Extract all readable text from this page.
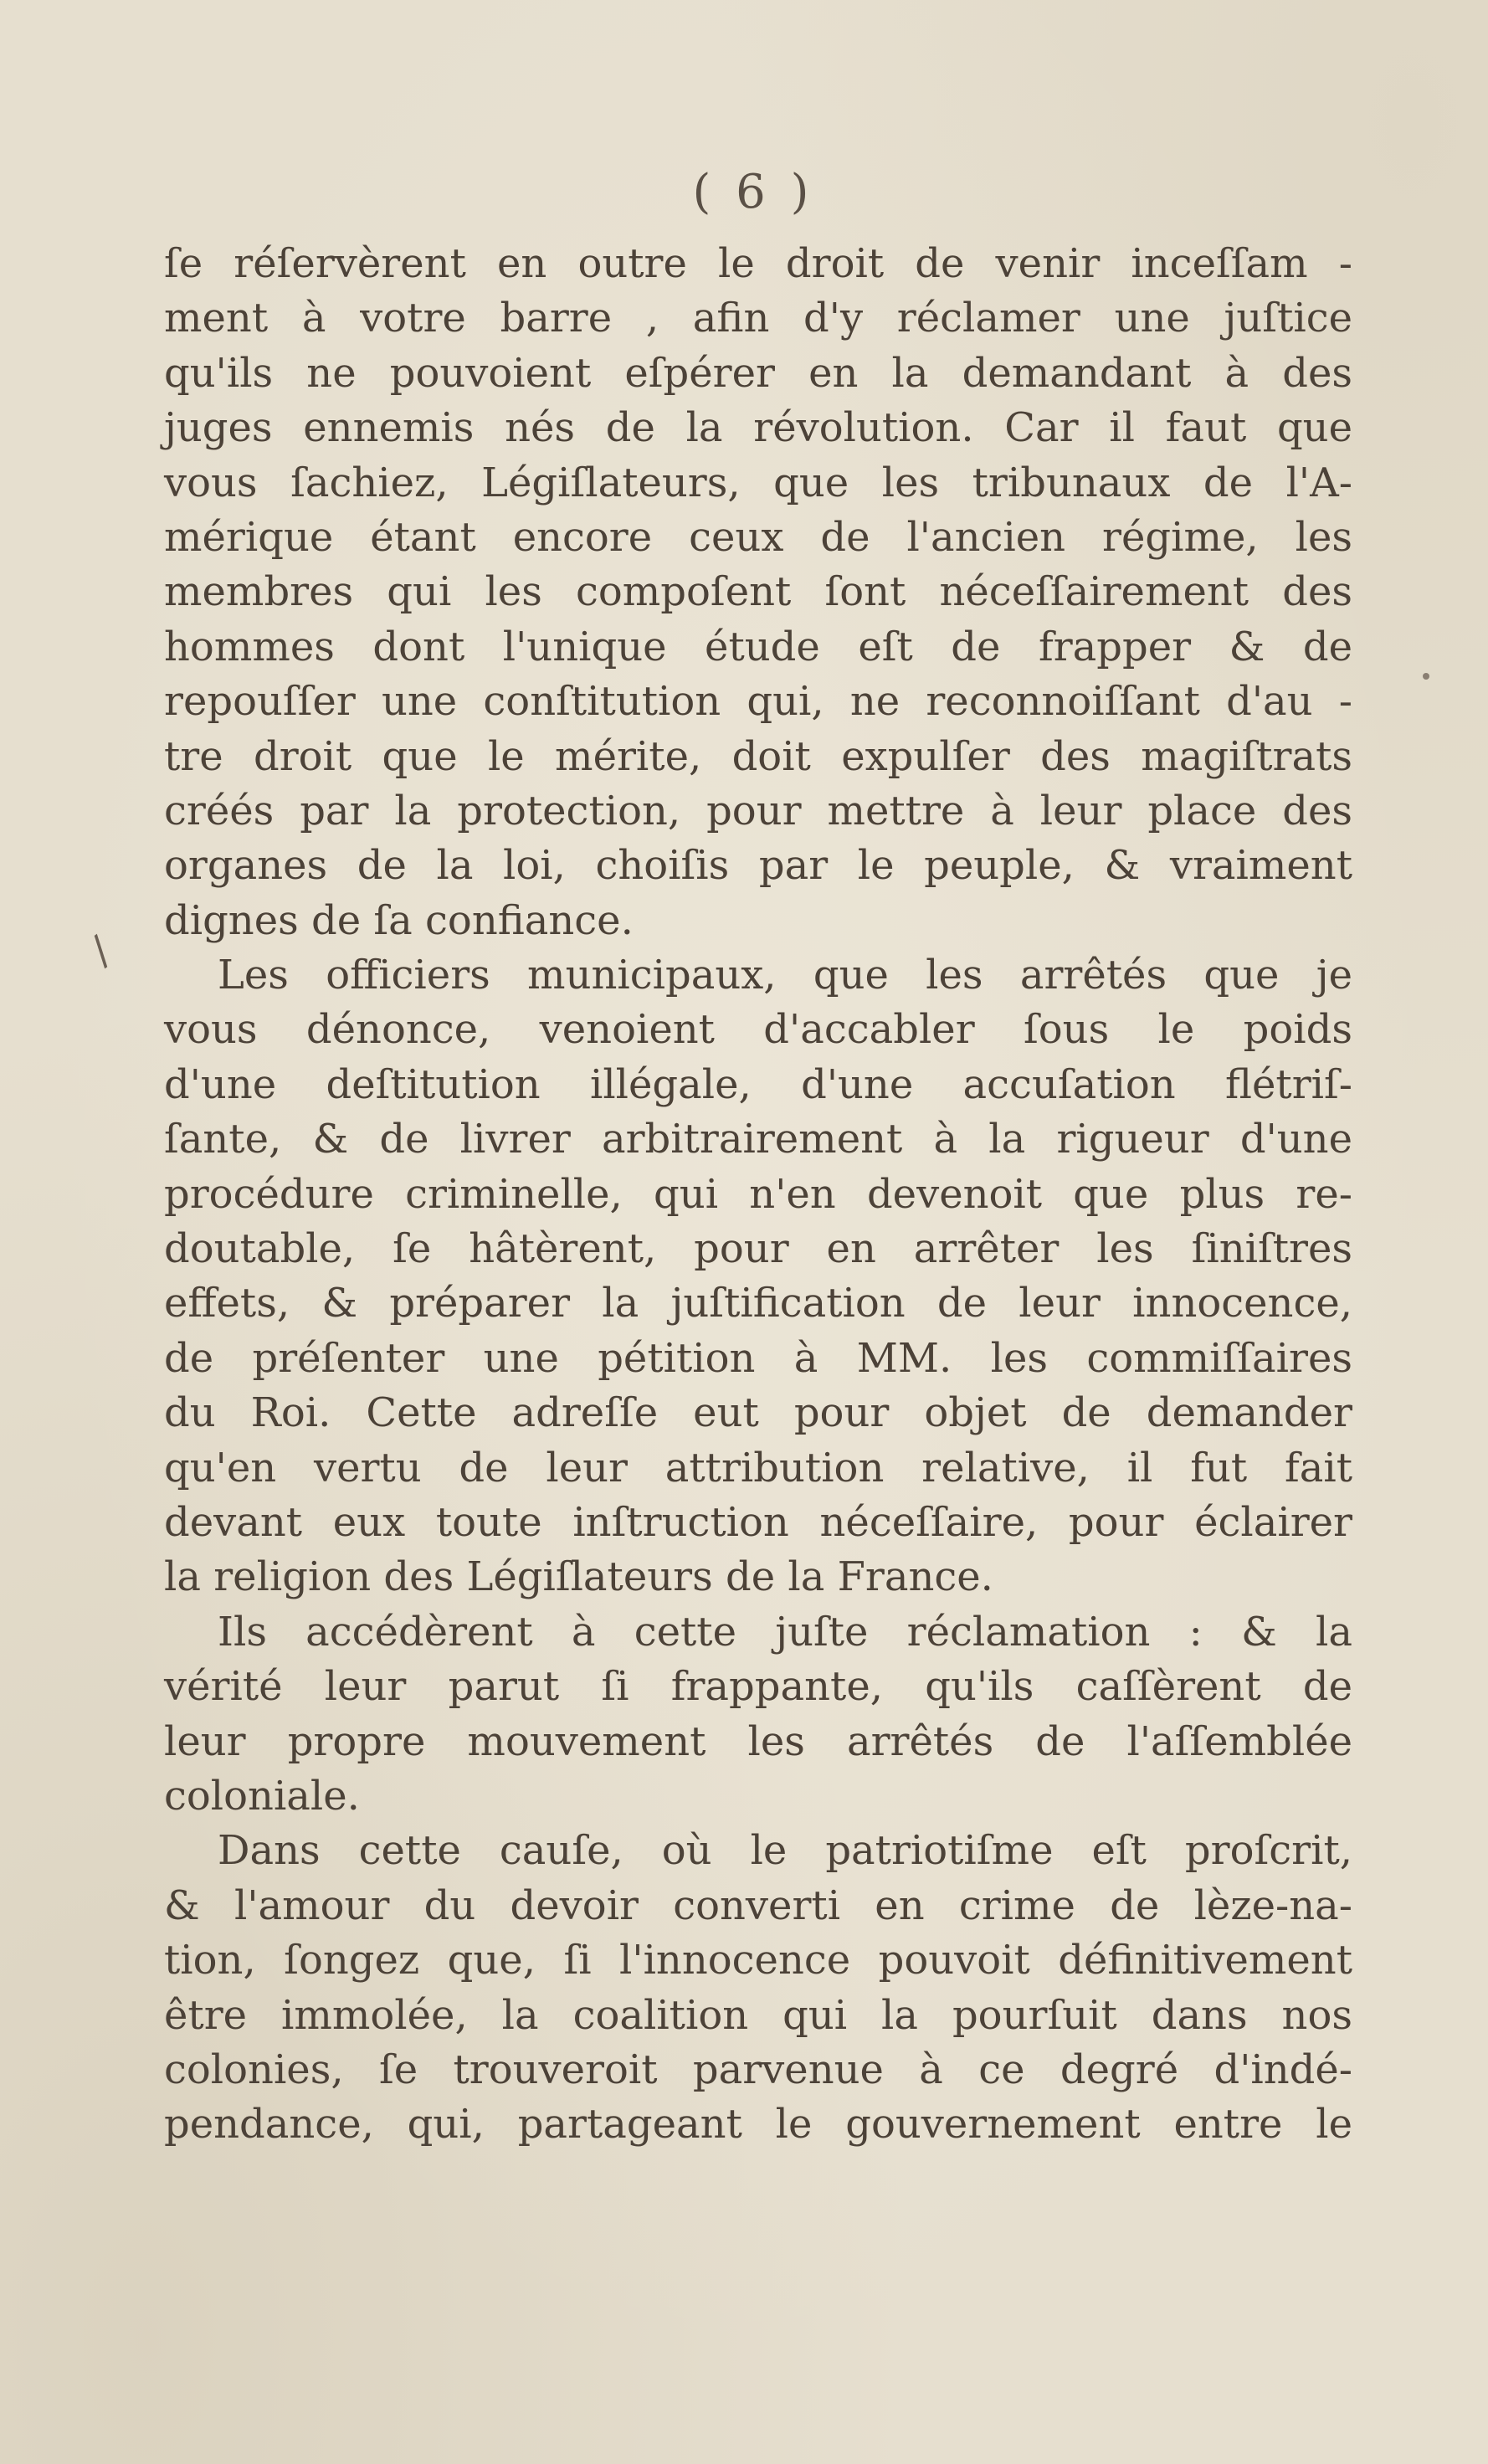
( 6 )
/
ſe réſervèrent en outre le droit de venir inceſſam -
ment à votre barre , afin d'y réclamer une juſtice
qu'ils ne pouvoient eſpérer en la demandant à des
juges ennemis nés de la révolution. Car il faut que
vous ſachiez, Légiſlateurs, que les tribunaux de l'A-
mérique étant encore ceux de l'ancien régime, les
membres qui les compoſent ſont néceſſairement des
hommes dont l'unique étude eſt de frapper & de
repouſſer une conſtitution qui, ne reconnoiſſant d'au -
tre droit que le mérite, doit expulſer des magiſtrats
créés par la protection, pour mettre à leur place des
organes de la loi, choiſis par le peuple, & vraiment
dignes de ſa confiance.
Les officiers municipaux, que les arrêtés que je
vous dénonce, venoient d'accabler ſous le poids
d'une deſtitution illégale, d'une accuſation flétriſ-
ſante, & de livrer arbitrairement à la rigueur d'une
procédure criminelle, qui n'en devenoit que plus re-
doutable, ſe hâtèrent, pour en arrêter les ſiniſtres
effets, & préparer la juſtification de leur innocence,
de préſenter une pétition à MM. les commiſſaires
du Roi. Cette adreſſe eut pour objet de demander
qu'en vertu de leur attribution relative, il fut fait
devant eux toute inſtruction néceſſaire, pour éclairer
la religion des Légiſlateurs de la France.
Ils accédèrent à cette juſte réclamation : & la
vérité leur parut ſi frappante, qu'ils caſſèrent de
leur propre mouvement les arrêtés de l'aſſemblée
coloniale.
Dans cette cauſe, où le patriotiſme eſt proſcrit,
& l'amour du devoir converti en crime de lèze-na-
tion, ſongez que, ſi l'innocence pouvoit définitivement
être immolée, la coalition qui la pourſuit dans nos
colonies, ſe trouveroit parvenue à ce degré d'indé-
pendance, qui, partageant le gouvernement entre le
